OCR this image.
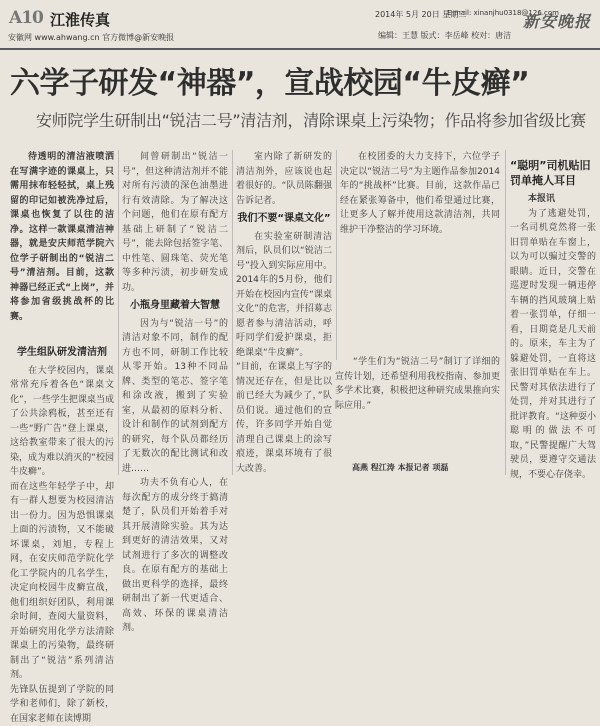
A10 江淮传真
安徽网 www.ahwang.cn 官方微博@新安晚报
2014年 5月 20日 星期二
E-mail: xinanjhu0318@126.com
编辑：王慧 版式：李岳峰 校对：唐洁
新安晚报
六学子研发“神器”，宣战校园“牛皮癣”
安师院学生研制出“锐洁二号”清洁剂，清除课桌上污染物；作品将参加省级比赛

待透明的清洁液喷洒在写满字迹的课桌上，只需用抹布轻轻拭，桌上残留的印记如被洗净过后，课桌也恢复了以往的洁净。这样一款课桌清洁神器，就是安庆师范学院六位学子研制出的“锐洁二号”清洁剂。目前，这款神器已经正式“上岗”，并将参加省级挑战杯的比赛。

学生组队研发清洁剂

在大学校园内，课桌常常充斥着各色“课桌文化”，一些学生把课桌当成了公共涂鸦板，甚至还有一些“野广告”登上课桌，这给教室带来了很大的污染，成为难以消灭的“校园牛皮癣”。
而在这些年轻学子中，却有一群人想要为校园清洁出一份力。因为恐惧课桌上面的污渍物，又不能破坏课桌，刘旭，专程上网，在安庆师范学院化学化工学院内的几名学生，决定向校园牛皮癣宣战，他们组织好团队，利用课余时间，查阅大量资料，开始研究用化学方法清除课桌上的污染物，最终研制出了“锐洁”系列清洁剂。
先锋队伍提到了学院的同学和老师们，除了新校，在国家老师在读博期

间曾研制出“锐洁一号”，但这种清洁剂并不能对所有污渍的深色油墨进行有效清除。为了解决这个问题，他们在原有配方基础上研制了“锐洁二号”，能去除包括签字笔、中性笔、圆珠笔、荧光笔等多种污渍，初步研发成功。

小瓶身里藏着大智慧

因为与“锐洁一号”的清洁对象不同，制作的配方也不同，研制工作比较从零开始。13种不同品牌、类型的笔芯、签字笔和涂改液，搬到了实验室，从最初的原料分析、设计和制作的试剂到配方的研究，每个队员都经历了无数次的配比测试和改进……

功夫不负有心人，在每次配方的成分终于搞清楚了，队员们开始着手对其开展清除实验。其为达到更好的清洁效果，又对试剂进行了多次的调整改良。在原有配方的基础上做出更科学的选择，最终研制出了新一代更适合、高效、环保的课桌清洁剂。

室内除了新研发的清洁剂外，应该说也起着很好的。“队员陈翻强告诉记者。

我们不要“课桌文化”

在实验室研制清洁剂后，队员们以“锐洁二号”投入到实际应用中。2014年的5月份，他们开始在校园内宣传“课桌文化”的危害，并招募志愿者参与清洁活动，呼吁同学们爱护课桌，拒绝课桌“牛皮癣”。
“目前，在课桌上写字的情况还存在，但是比以前已经大为减少了，”队员们说。通过他们的宣传，许多同学开始自觉清理自己课桌上的涂写痕迹，课桌环境有了很大改善。

在校团委的大力支持下，六位学子决定以“锐洁二号”为主题作品参加2014年的“挑战杯”比赛。目前，这款作品已经在紧张筹备中，他们希望通过比赛，让更多人了解并使用这款清洁剂，共同维护干净整洁的学习环境。

“学生们为“锐洁二号”制订了详细的宣传计划，还希望利用我校指南、参加更多学术比赛，积极把这种研究成果推向实际应用。”

高燕 程江涛 本报记者 项磊
“聪明”司机贴旧罚单掩人耳目

本报讯

为了逃避处罚，一名司机竟然将一张旧罚单贴在车窗上，以为可以骗过交警的眼睛。近日，交警在巡逻时发现一辆违停车辆的挡风玻璃上贴着一张罚单，仔细一看，日期竟是几天前的。原来，车主为了躲避处罚，一直将这张旧罚单贴在车上。民警对其依法进行了处罚，并对其进行了批评教育。“这种耍小聪明的做法不可取，”民警提醒广大驾驶员，要遵守交通法规，不要心存侥幸。
